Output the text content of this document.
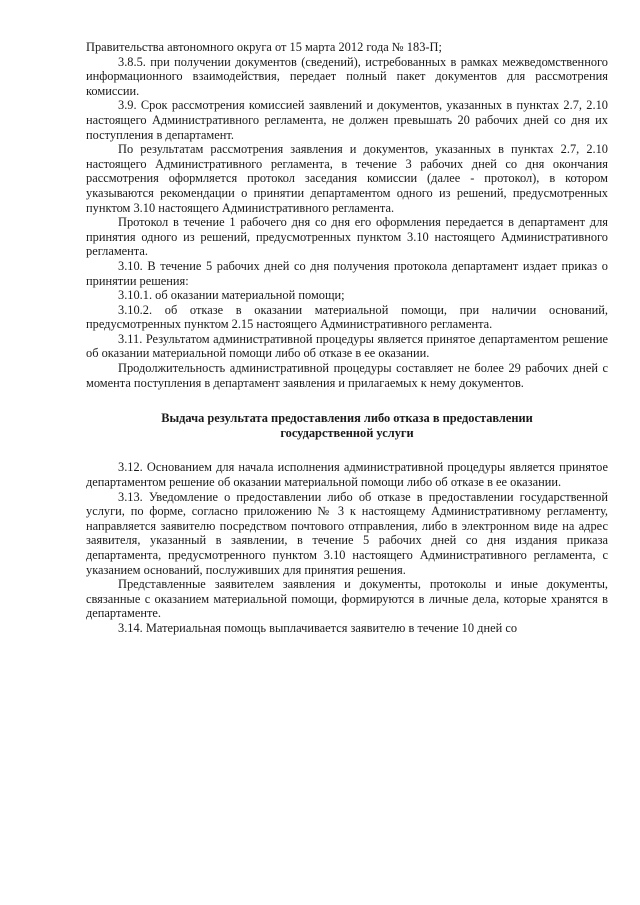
Правительства автономного округа от 15 марта 2012 года № 183-П;

3.8.5. при получении документов (сведений), истребованных в рамках межведомственного информационного взаимодействия, передает полный пакет документов для рассмотрения комиссии.

3.9. Срок рассмотрения комиссией заявлений и документов, указанных в пунктах 2.7, 2.10 настоящего Административного регламента, не должен превышать 20 рабочих дней со дня их поступления в департамент.

По результатам рассмотрения заявления и документов, указанных в пунктах 2.7, 2.10 настоящего Административного регламента, в течение 3 рабочих дней со дня окончания рассмотрения оформляется протокол заседания комиссии (далее - протокол), в котором указываются рекомендации о принятии департаментом одного из решений, предусмотренных пунктом 3.10 настоящего Административного регламента.

Протокол в течение 1 рабочего дня со дня его оформления передается в департамент для принятия одного из решений, предусмотренных пунктом 3.10 настоящего Административного регламента.

3.10. В течение 5 рабочих дней со дня получения протокола департамент издает приказ о принятии решения:

3.10.1. об оказании материальной помощи;

3.10.2. об отказе в оказании материальной помощи, при наличии оснований, предусмотренных пунктом 2.15 настоящего Административного регламента.

3.11. Результатом административной процедуры является принятое департаментом решение об оказании материальной помощи либо об отказе в ее оказании.

Продолжительность административной процедуры составляет не более 29 рабочих дней с момента поступления в департамент заявления и прилагаемых к нему документов.

Выдача результата предоставления либо отказа в предоставлении государственной услуги

3.12. Основанием для начала исполнения административной процедуры является принятое департаментом решение об оказании материальной помощи либо об отказе в ее оказании.

3.13. Уведомление о предоставлении либо об отказе в предоставлении государственной услуги, по форме, согласно приложению № 3 к настоящему Административному регламенту, направляется заявителю посредством почтового отправления, либо в электронном виде на адрес заявителя, указанный в заявлении, в течение 5 рабочих дней со дня издания приказа департамента, предусмотренного пунктом 3.10 настоящего Административного регламента, с указанием оснований, послуживших для принятия решения.

Представленные заявителем заявления и документы, протоколы и иные документы, связанные с оказанием материальной помощи, формируются в личные дела, которые хранятся в департаменте.

3.14. Материальная помощь выплачивается заявителю в течение 10 дней со
